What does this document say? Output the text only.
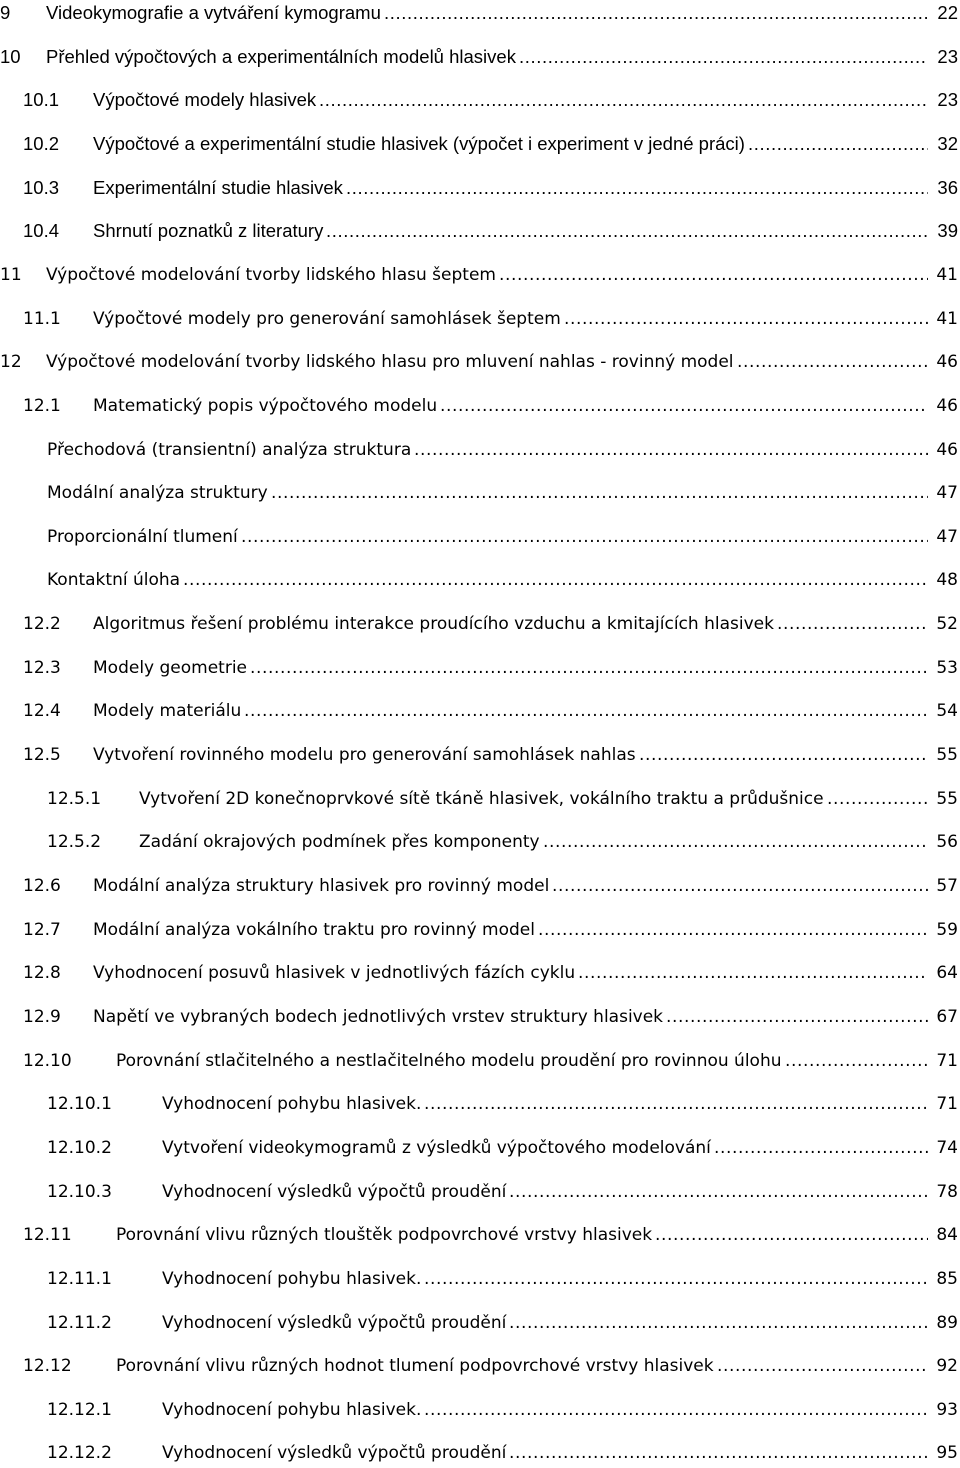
9 Videokymografie a vytváření kymogramu .....	22
10 Přehled výpočtových a experimentálních modelů hlasivek .....	23
10.1 Výpočtové modely hlasivek .....	23
10.2 Výpočtové a experimentální studie hlasivek (výpočet i experiment v jedné práci) .....	32
10.3 Experimentální studie hlasivek .....	36
10.4 Shrnutí poznatků z literatury .....	39
11 Výpočtové modelování tvorby lidského hlasu šeptem .....	41
11.1 Výpočtové modely pro generování samohlásek šeptem .....	41
12 Výpočtové modelování tvorby lidského hlasu pro mluvení nahlas - rovinný model .....	46
12.1 Matematický popis výpočtového modelu .....	46
Přechodová (transientní) analýza struktura .....	46
Modální analýza struktury .....	47
Proporcionální tlumení .....	47
Kontaktní úloha .....	48
12.2 Algoritmus řešení problému interakce proudícího vzduchu a kmitajících hlasivek .....	52
12.3 Modely geometrie .....	53
12.4 Modely materiálu .....	54
12.5 Vytvoření rovinného modelu pro generování samohlásek nahlas .....	55
12.5.1 Vytvoření 2D konečnoprvkové sítě tkáně hlasivek, vokálního traktu a průdušnice .....	55
12.5.2 Zadání okrajových podmínek přes komponenty .....	56
12.6 Modální analýza struktury hlasivek pro rovinný model .....	57
12.7 Modální analýza vokálního traktu pro rovinný model .....	59
12.8 Vyhodnocení posuvů hlasivek v jednotlivých fázích cyklu .....	64
12.9 Napětí ve vybraných bodech jednotlivých vrstev struktury hlasivek .....	67
12.10	Porovnání stlačitelného a nestlačitelného modelu proudění pro rovinnou úlohu .....	71
12.10.1	Vyhodnocení pohybu hlasivek. .....	71
12.10.2	Vytvoření videokymogramů z výsledků výpočtového modelování .....	74
12.10.3	Vyhodnocení výsledků výpočtů proudění .....	78
12.11	Porovnání vlivu různých tlouštěk podpovrchové vrstvy hlasivek .....	84
12.11.1	Vyhodnocení pohybu hlasivek. .....	85
12.11.2	Vyhodnocení výsledků výpočtů proudění .....	89
12.12	Porovnání vlivu různých hodnot tlumení podpovrchové vrstvy hlasivek .....	92
12.12.1	Vyhodnocení pohybu hlasivek. .....	93
12.12.2	Vyhodnocení výsledků výpočtů proudění .....	95
